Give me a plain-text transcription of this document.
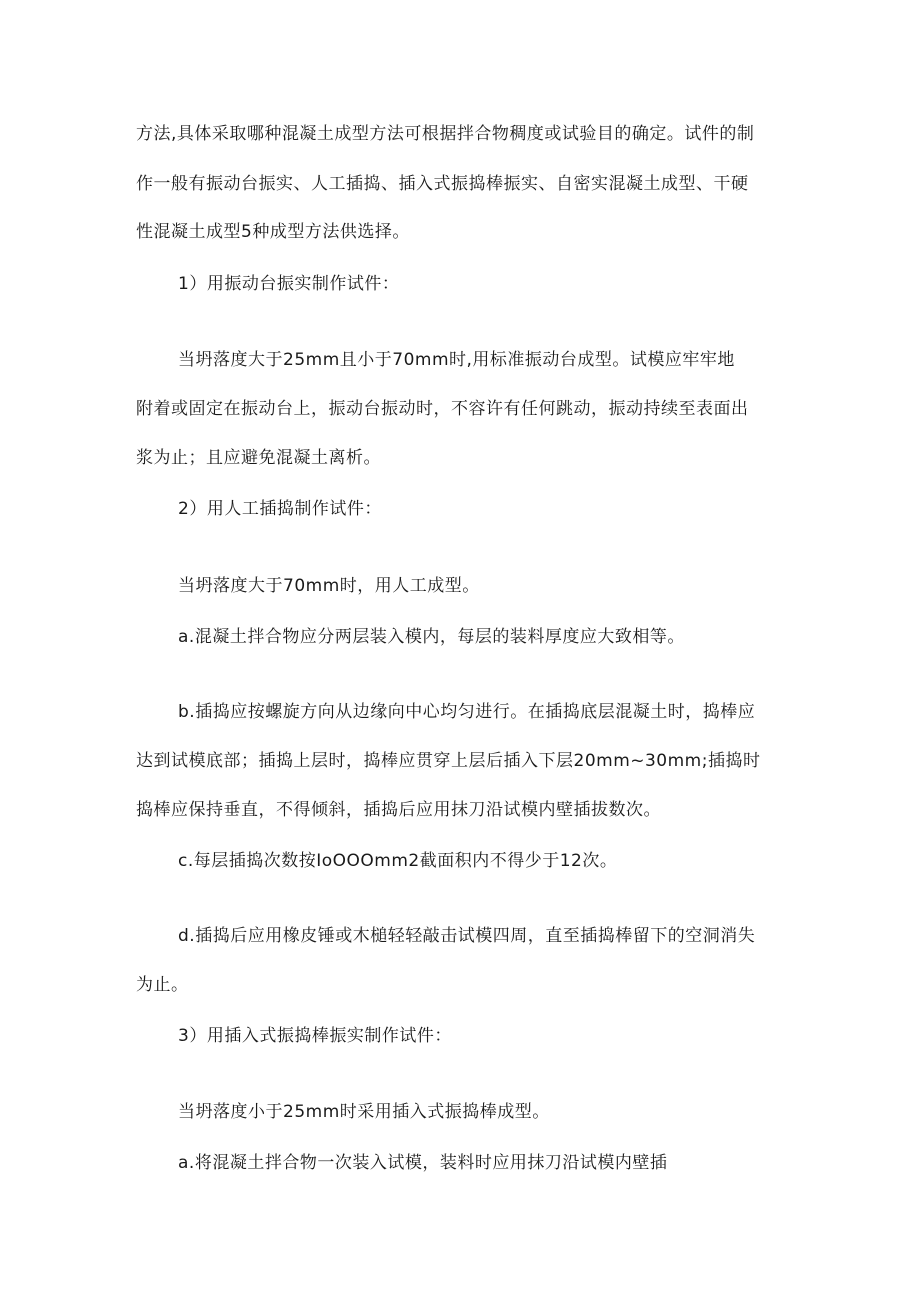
方法,具体采取哪种混凝土成型方法可根据拌合物稠度或试验目的确定。试件的制
作一般有振动台振实、人工插捣、插入式振捣棒振实、自密实混凝土成型、干硬
性混凝土成型5种成型方法供选择。
1）用振动台振实制作试件：
当坍落度大于25mm且小于70mm时,用标准振动台成型。试模应牢牢地
附着或固定在振动台上，振动台振动时，不容许有任何跳动，振动持续至表面出
浆为止；且应避免混凝土离析。
2）用人工插捣制作试件：
当坍落度大于70mm时，用人工成型。
a.混凝土拌合物应分两层装入模内，每层的装料厚度应大致相等。
b.插捣应按螺旋方向从边缘向中心均匀进行。在插捣底层混凝土时，捣棒应
达到试模底部；插捣上层时，捣棒应贯穿上层后插入下层20mm~30mm;插捣时
捣棒应保持垂直，不得倾斜，插捣后应用抹刀沿试模内壁插拔数次。
c.每层插捣次数按IoOOOmm2截面积内不得少于12次。
d.插捣后应用橡皮锤或木槌轻轻敲击试模四周，直至插捣棒留下的空洞消失
为止。
3）用插入式振捣棒振实制作试件：
当坍落度小于25mm时采用插入式振捣棒成型。
a.将混凝土拌合物一次装入试模，装料时应用抹刀沿试模内壁插
